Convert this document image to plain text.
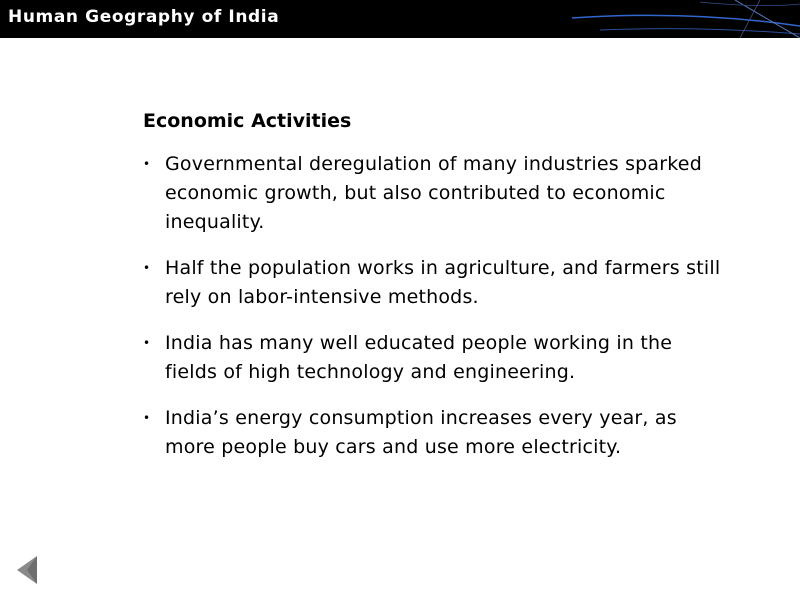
Human Geography of India
Economic Activities
• Governmental deregulation of many industries sparked economic growth, but also contributed to economic inequality.
• Half the population works in agriculture, and farmers still rely on labor-intensive methods.
• India has many well educated people working in the fields of high technology and engineering.
• India’s energy consumption increases every year, as more people buy cars and use more electricity.
